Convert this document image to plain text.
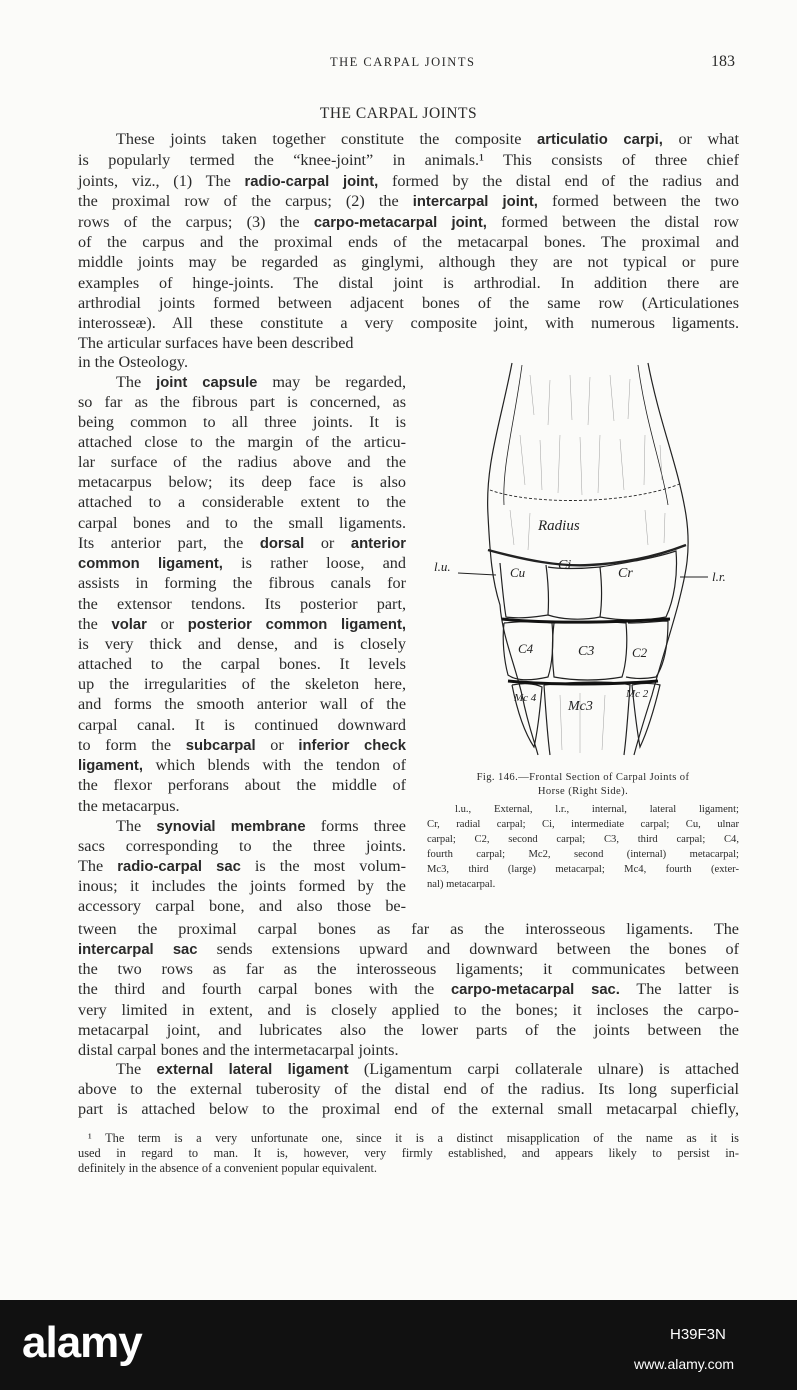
THE CARPAL JOINTS	183
THE CARPAL JOINTS
These joints taken together constitute the composite articulatio carpi, or what
is popularly termed the “knee-joint” in animals.¹ This consists of three chief
joints, viz., (1) The radio-carpal joint, formed by the distal end of the radius and
the proximal row of the carpus; (2) the intercarpal joint, formed between the two
rows of the carpus; (3) the carpo-metacarpal joint, formed between the distal row
of the carpus and the proximal ends of the metacarpal bones. The proximal and
middle joints may be regarded as ginglymi, although they are not typical or pure
examples of hinge-joints. The distal joint is arthrodial. In addition there are
arthrodial joints formed between adjacent bones of the same row (Articulationes
interosseæ). All these constitute a very composite joint, with numerous ligaments.
The articular surfaces have been described
in the Osteology.
The joint capsule may be regarded,
so far as the fibrous part is concerned, as
being common to all three joints. It is
attached close to the margin of the articu-
lar surface of the radius above and the
metacarpus below; its deep face is also
attached to a considerable extent to the
carpal bones and to the small ligaments.
Its anterior part, the dorsal or anterior
common ligament, is rather loose, and
assists in forming the fibrous canals for
the extensor tendons. Its posterior part,
the volar or posterior common ligament,
is very thick and dense, and is closely
attached to the carpal bones. It levels
up the irregularities of the skeleton here,
and forms the smooth anterior wall of the
carpal canal. It is continued downward
to form the subcarpal or inferior check
ligament, which blends with the tendon of
the flexor perforans about the middle of
the metacarpus.
The synovial membrane forms three
sacs corresponding to the three joints.
The radio-carpal sac is the most volum-
inous; it includes the joints formed by the
accessory carpal bone, and also those be-
tween the proximal carpal bones as far as the interosseous ligaments. The
intercarpal sac sends extensions upward and downward between the bones of
the two rows as far as the interosseous ligaments; it communicates between
the third and fourth carpal bones with the carpo-metacarpal sac. The latter is
very limited in extent, and is closely applied to the bones; it incloses the carpo-
metacarpal joint, and lubricates also the lower parts of the joints between the
distal carpal bones and the intermetacarpal joints.
The external lateral ligament (Ligamentum carpi collaterale ulnare) is attached
above to the external tuberosity of the distal end of the radius. Its long superficial
part is attached below to the proximal end of the external small metacarpal chiefly,
l.u.
l.r.
Radius
Cu Ci
Cr
C4	C3	C2
Mc 4
Mc3
Mc 2
Fig. 146.—Frontal Section of Carpal Joints of
Horse (Right Side).
l.u., External, l.r., internal, lateral ligament;
Cr, radial carpal; Ci, intermediate carpal; Cu, ulnar
carpal; C2, second carpal; C3, third carpal; C4,
fourth carpal; Mc2, second (internal) metacarpal;
Mc3, third (large) metacarpal; Mc4, fourth (exter-
nal) metacarpal.
¹ The term is a very unfortunate one, since it is a distinct misapplication of the name as it is
used in regard to man. It is, however, very firmly established, and appears likely to persist in-
definitely in the absence of a convenient popular equivalent.
alamy	H39F3N
www.alamy.com
